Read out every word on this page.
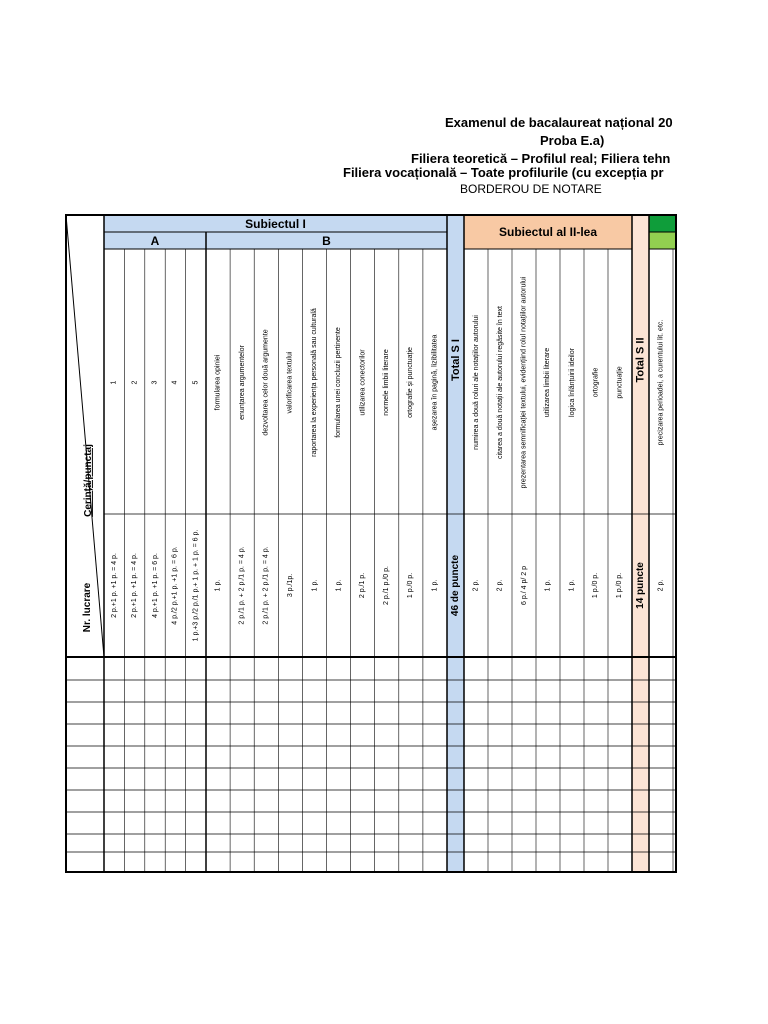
Examenul de bacalaureat național 20
Proba E.a)
Filiera teoretică – Profilul real; Filiera tehn
Filiera vocațională – Toate profilurile (cu excepția pr
BORDEROU DE NOTARE
Subiectul I
A	B
Subiectul al II-lea
Cerință/punctaj
Nr. lucrare
Total S I
46 de puncte
Total S II
14 puncte
1
2 p.+1 p. +1 p. = 4 p.
2
2 p.+1 p. +1 p. = 4 p.
3
4 p.+1 p. +1 p. = 6 p.
4
4 p./2 p.+1 p. +1 p. = 6 p.
5
1 p.+3 p./2 p./1 p.+ 1 p. + 1 p. = 6 p.
formularea opiniei
1 p.
enunțarea argumentelor
2 p./1 p. + 2 p./1 p. = 4 p.
dezvoltarea celor două argumente
2 p./1 p. + 2 p./1 p. = 4 p.
valorificarea textului
3 p./1p.
raportarea la experiența personală sau culturală
1 p.
formularea unei concluzii pertinente
1 p.
utilizarea conectorilor
2 p./1 p.
normele limbii literare
2 p./1 p./0 p.
ortografie și punctuație
1 p./0 p.
așezarea în pagină, lizibilitatea
1 p.
numirea a două roluri ale notațiilor autorului
2 p.
citarea a două notații ale autorului regăsite în text
2 p.
prezentarea semnificației textului, evidențiind rolul notațiilor autorului
6 p./ 4 p/ 2 p
utilizarea limbii literare
1 p.
logica înlănțuirii ideilor
1 p.
ortografie
1 p./0 p.
punctuație
1 p./0 p.
precizarea perioadei, a curentului lit. etc.
2 p.
